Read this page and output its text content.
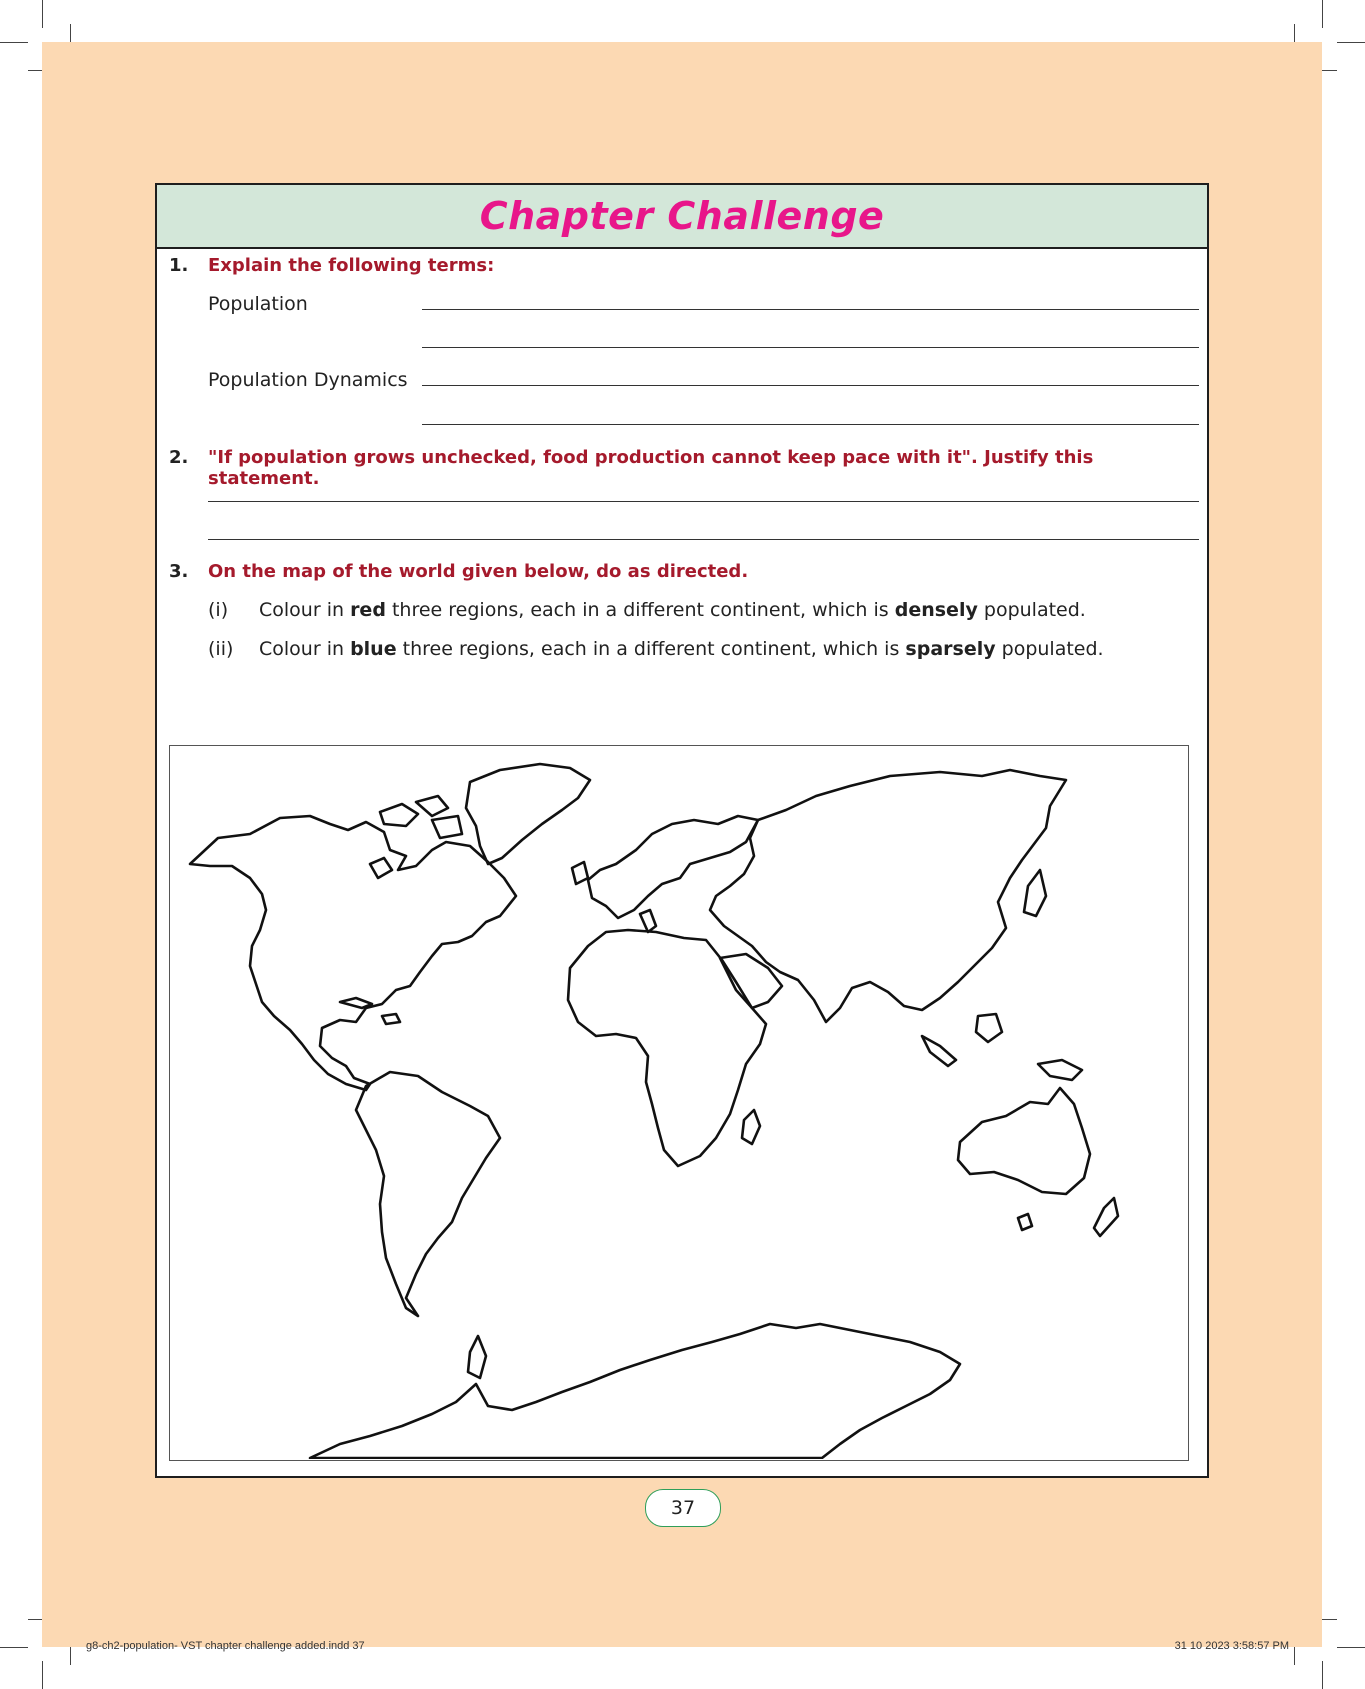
Chapter Challenge
1. Explain the following terms:
Population
Population Dynamics
2. "If population grows unchecked, food production cannot keep pace with it". Justify this statement.
3. On the map of the world given below, do as directed.
(i) Colour in red three regions, each in a different continent, which is densely populated.
(ii) Colour in blue three regions, each in a different continent, which is sparsely populated.
37
g8-ch2-population- VST chapter challenge added.indd 37	31 10 2023 3:58:57 PM
